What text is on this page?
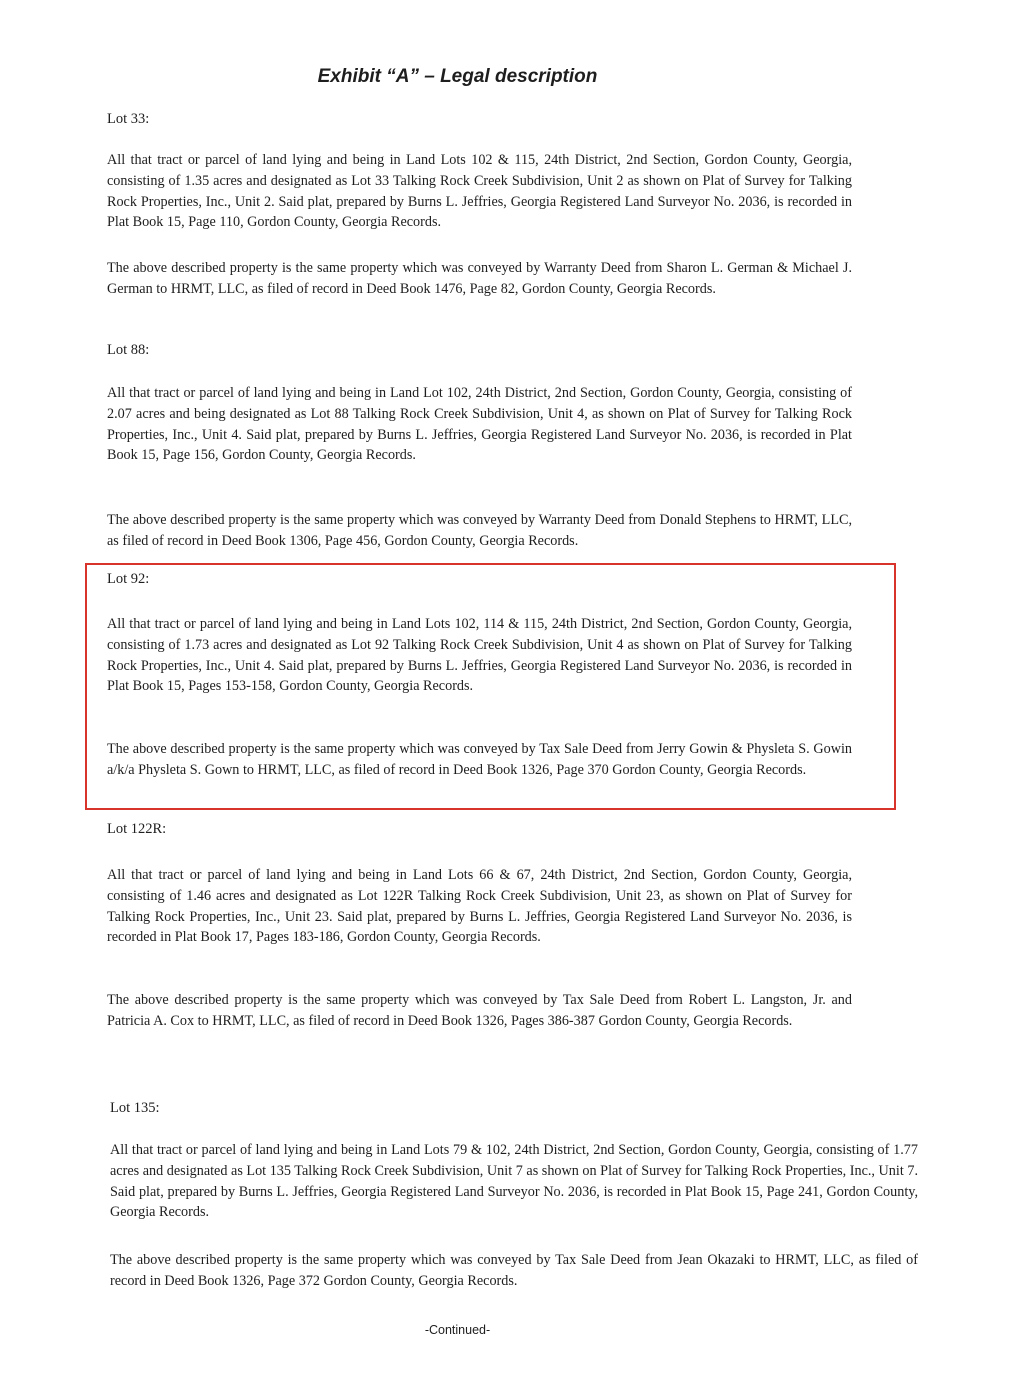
Exhibit “A” – Legal description

Lot 33:

All that tract or parcel of land lying and being in Land Lots 102 & 115, 24th District, 2nd Section, Gordon County, Georgia, consisting of 1.35 acres and designated as Lot 33 Talking Rock Creek Subdivision, Unit 2 as shown on Plat of Survey for Talking Rock Properties, Inc., Unit 2. Said plat, prepared by Burns L. Jeffries, Georgia Registered Land Surveyor No. 2036, is recorded in Plat Book 15, Page 110, Gordon County, Georgia Records.

The above described property is the same property which was conveyed by Warranty Deed from Sharon L. German & Michael J. German to HRMT, LLC, as filed of record in Deed Book 1476, Page 82, Gordon County, Georgia Records.

Lot 88:

All that tract or parcel of land lying and being in Land Lot 102, 24th District, 2nd Section, Gordon County, Georgia, consisting of 2.07 acres and being designated as Lot 88 Talking Rock Creek Subdivision, Unit 4, as shown on Plat of Survey for Talking Rock Properties, Inc., Unit 4. Said plat, prepared by Burns L. Jeffries, Georgia Registered Land Surveyor No. 2036, is recorded in Plat Book 15, Page 156, Gordon County, Georgia Records.

The above described property is the same property which was conveyed by Warranty Deed from Donald Stephens to HRMT, LLC, as filed of record in Deed Book 1306, Page 456, Gordon County, Georgia Records.

Lot 92:

All that tract or parcel of land lying and being in Land Lots 102, 114 & 115, 24th District, 2nd Section, Gordon County, Georgia, consisting of 1.73 acres and designated as Lot 92 Talking Rock Creek Subdivision, Unit 4 as shown on Plat of Survey for Talking Rock Properties, Inc., Unit 4. Said plat, prepared by Burns L. Jeffries, Georgia Registered Land Surveyor No. 2036, is recorded in Plat Book 15, Pages 153-158, Gordon County, Georgia Records.

The above described property is the same property which was conveyed by Tax Sale Deed from Jerry Gowin & Physleta S. Gowin a/k/a Physleta S. Gown to HRMT, LLC, as filed of record in Deed Book 1326, Page 370 Gordon County, Georgia Records.

Lot 122R:

All that tract or parcel of land lying and being in Land Lots 66 & 67, 24th District, 2nd Section, Gordon County, Georgia, consisting of 1.46 acres and designated as Lot 122R Talking Rock Creek Subdivision, Unit 23, as shown on Plat of Survey for Talking Rock Properties, Inc., Unit 23. Said plat, prepared by Burns L. Jeffries, Georgia Registered Land Surveyor No. 2036, is recorded in Plat Book 17, Pages 183-186, Gordon County, Georgia Records.

The above described property is the same property which was conveyed by Tax Sale Deed from Robert L. Langston, Jr. and Patricia A. Cox to HRMT, LLC, as filed of record in Deed Book 1326, Pages 386-387 Gordon County, Georgia Records.

Lot 135:

All that tract or parcel of land lying and being in Land Lots 79 & 102, 24th District, 2nd Section, Gordon County, Georgia, consisting of 1.77 acres and designated as Lot 135 Talking Rock Creek Subdivision, Unit 7 as shown on Plat of Survey for Talking Rock Properties, Inc., Unit 7. Said plat, prepared by Burns L. Jeffries, Georgia Registered Land Surveyor No. 2036, is recorded in Plat Book 15, Page 241, Gordon County, Georgia Records.

The above described property is the same property which was conveyed by Tax Sale Deed from Jean Okazaki to HRMT, LLC, as filed of record in Deed Book 1326, Page 372 Gordon County, Georgia Records.

-Continued-
